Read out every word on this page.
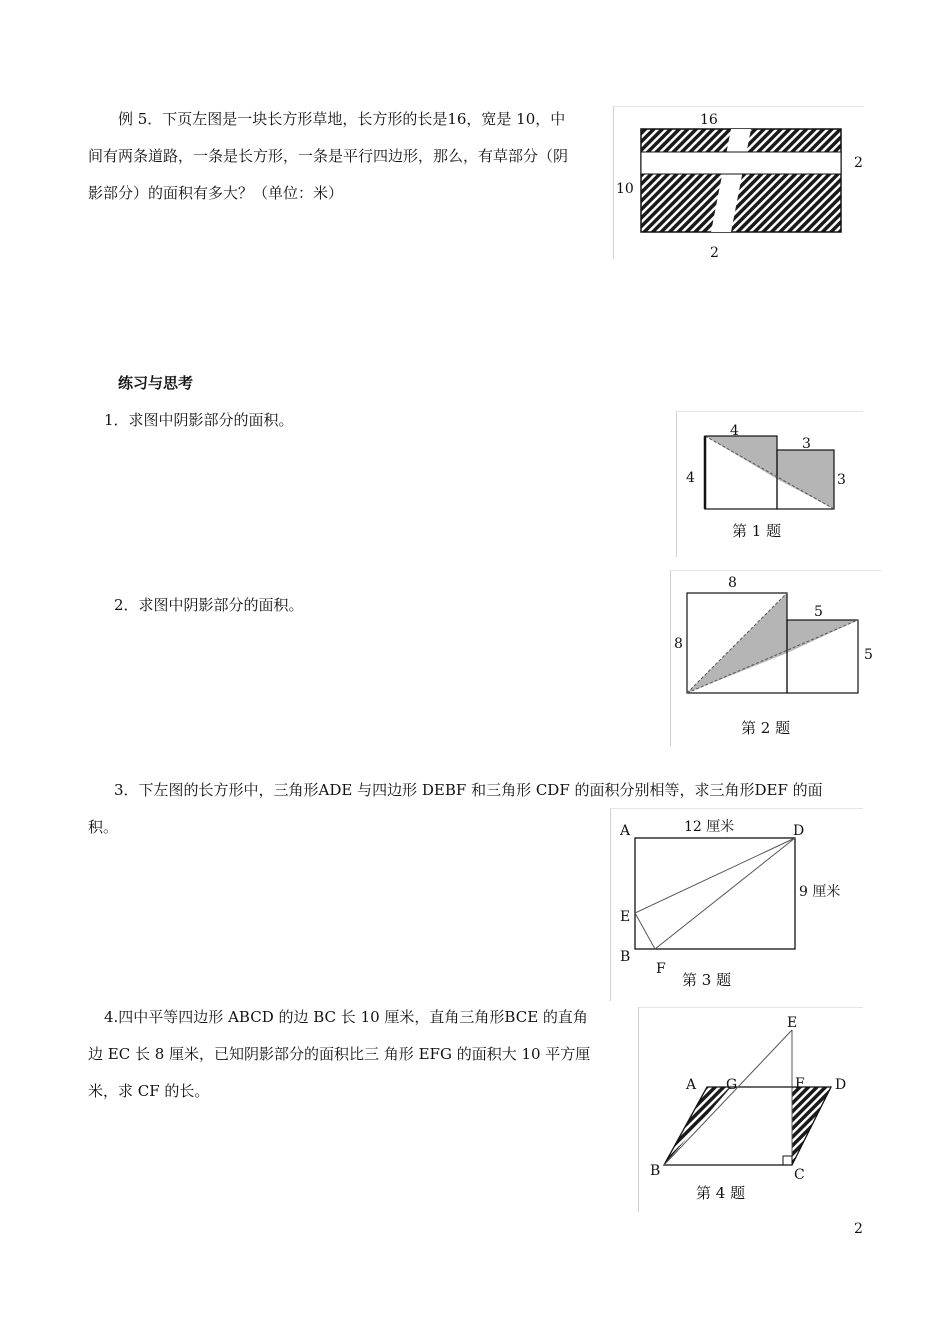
例 5．下页左图是一块长方形草地，长方形的长是16，宽是 10，中

间有两条道路，一条是长方形，一条是平行四边形，那么，有草部分（阴

影部分）的面积有多大？（单位：米）

16
2
10
2
练习与思考

1．求图中阴影部分的面积。

4
3
4	3
第 1 题

2．求图中阴影部分的面积。

8
5
8
5
第 2 题

3．下左图的长方形中，三角形ADE 与四边形 DEBF 和三角形 CDF 的面积分别相等，求三角形DEF 的面

积。	A	D
E
B
F
12 厘米
9 厘米
第 3 题

4.四中平等四边形 ABCD 的边 BC 长 10 厘米，直角三角形BCE 的直角

边 EC 长 8 厘米，已知阴影部分的面积比三 角形 EFG 的面积大 10 平方厘

米，求 CF 的长。

E
A G	F D
B	C
第 4 题
2
